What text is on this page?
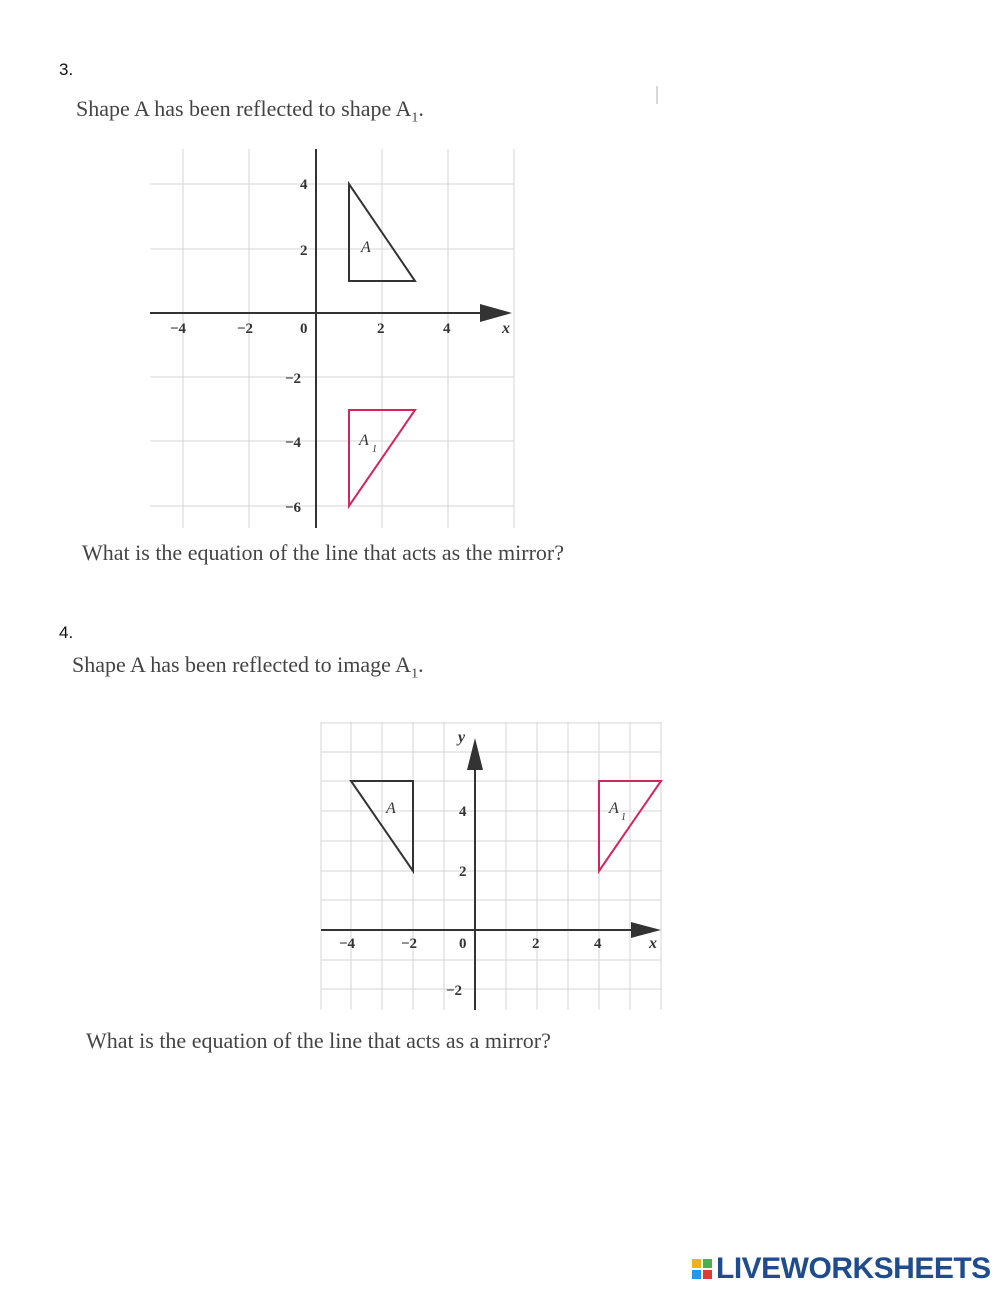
3.
Shape A has been reflected to shape $A_1$.
−4	−2	0	2	4	x
4
2
−2
−4
−6
A
A
1
What is the equation of the line that acts as the mirror?
4.
Shape A has been reflected to image $A_1$.
y
−4	−2	0	2	4	x
4
2
−2
A	A
1
What is the equation of the line that acts as a mirror?
LIVEWORKSHEETS
